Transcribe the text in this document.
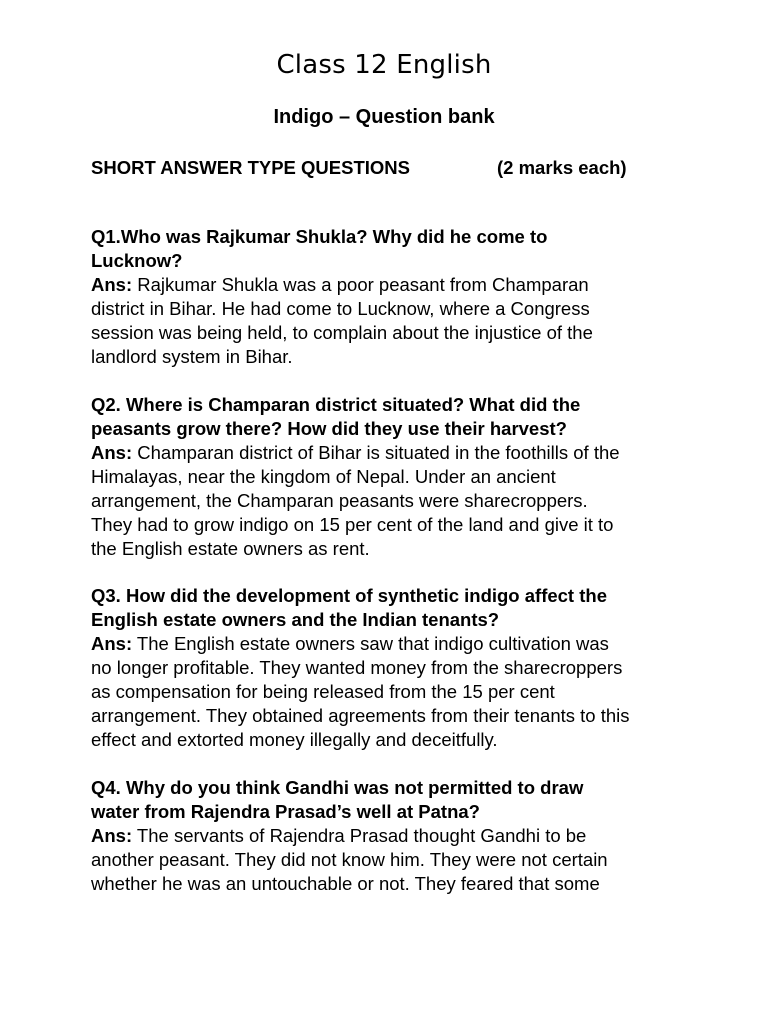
Class 12 English
Indigo – Question bank
SHORT ANSWER TYPE QUESTIONS	(2 marks each)

Q1.Who was Rajkumar Shukla? Why did he come to
Lucknow?

Ans: Rajkumar Shukla was a poor peasant from Champaran
district in Bihar. He had come to Lucknow, where a Congress
session was being held, to complain about the injustice of the
landlord system in Bihar.

Q2. Where is Champaran district situated? What did the
peasants grow there? How did they use their harvest?

Ans: Champaran district of Bihar is situated in the foothills of the
Himalayas, near the kingdom of Nepal. Under an ancient
arrangement, the Champaran peasants were sharecroppers.
They had to grow indigo on 15 per cent of the land and give it to
the English estate owners as rent.

Q3. How did the development of synthetic indigo affect the
English estate owners and the Indian tenants?

Ans: The English estate owners saw that indigo cultivation was
no longer profitable. They wanted money from the sharecroppers
as compensation for being released from the 15 per cent
arrangement. They obtained agreements from their tenants to this
effect and extorted money illegally and deceitfully.

Q4. Why do you think Gandhi was not permitted to draw
water from Rajendra Prasad’s well at Patna?

Ans: The servants of Rajendra Prasad thought Gandhi to be
another peasant. They did not know him. They were not certain
whether he was an untouchable or not. They feared that some
